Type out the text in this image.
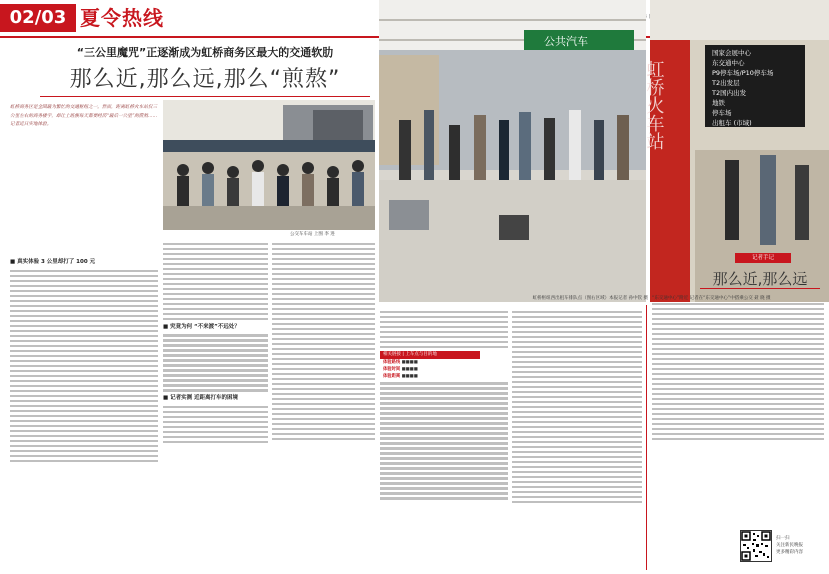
02/03 夏令热线
“三公里魔咒”正逐渐成为虹桥商务区最大的交通软肋
那么近,那么远,那么“煎熬”
虹桥商务区是全国最为繁忙的交通枢纽之一。然而，距离虹桥火车站仅三公里左右的商务楼宇，却让上班族每天都要经历“最后一公里”的煎熬……记者近日实地体验。
公交车车站 上图 李 进
公共汽车
虹桥枢纽西出租车排队点（图右区域）本报记者 孙中钦 摄
虹桥火车站
国家会展中心
东交通中心
P9停车场/P10停车场
T2出发层
T2国内出发
地铁
停车场
出租车 (市域)
“东交通中心”附近 记者在“东交通中心”中搭乘公交 聂 晓 摄
■ 真实体验 3 公里却打了 100 元
■ 究竟为何 “不来渡”不远处？
■ 记者实测 近距离打车的困境
相关链接 | 上车点与目的地
体验路线 ■■■■
体验时间 ■■■■
体验距离 ■■■■
记者手记
那么近,那么远
扫一扫
关注新民晚报
更多精彩内容
